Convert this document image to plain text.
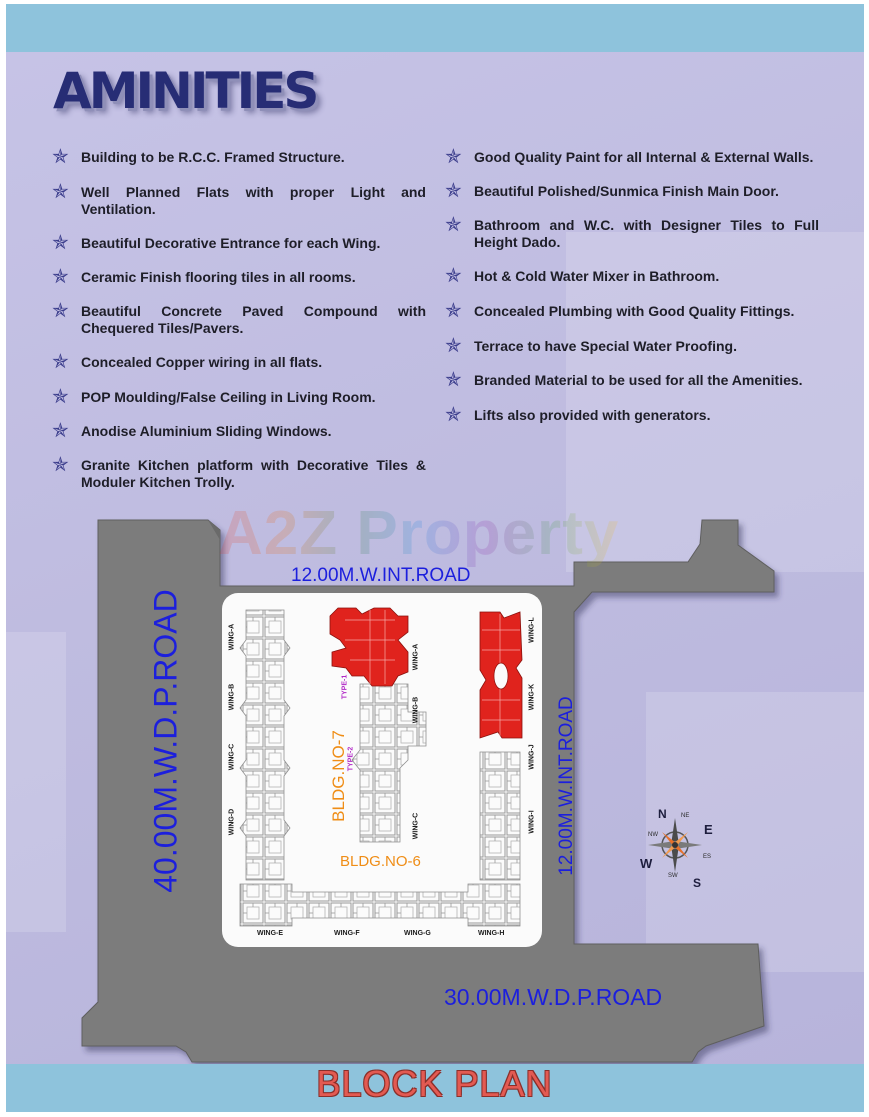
AMINITIES
✯ Building to be R.C.C. Framed Structure.
✯ Well Planned Flats with proper Light and Ventilation.
✯ Beautiful Decorative Entrance for each Wing.
✯ Ceramic Finish flooring tiles in all rooms.
✯ Beautiful Concrete Paved Compound with Chequered Tiles/Pavers.
✯ Concealed Copper wiring in all flats.
✯ POP Moulding/False Ceiling in Living Room.
✯ Anodise Aluminium Sliding Windows.
✯ Granite Kitchen platform with Decorative Tiles & Moduler Kitchen Trolly.
✯ Good Quality Paint for all Internal & External Walls.
✯ Beautiful Polished/Sunmica Finish Main Door.
✯ Bathroom and W.C. with Designer Tiles to Full Height Dado.
✯ Hot & Cold Water Mixer in Bathroom.
✯ Concealed Plumbing with Good Quality Fittings.
✯ Terrace to have Special Water Proofing.
✯ Branded Material to be used for all the Amenities.
✯ Lifts also provided with generators.
A2Z Property
12.00M.W.INT.ROAD
40.00M.W.D.P.ROAD	12.00M.W.INT.ROAD
30.00M.W.D.P.ROAD
BLDG.NO-7
BLDG.NO-6
TYPE-1
TYPE-2
WING-A
WING-B
WING-C
WING-D
WING-E	WING-F	WING-G	WING-H
WING-L
WING-K
WING-J
WING-I
WING-A
WING-B
WING-C	N
S
E
W
NE
NW
ES
SW
BLOCK PLAN
